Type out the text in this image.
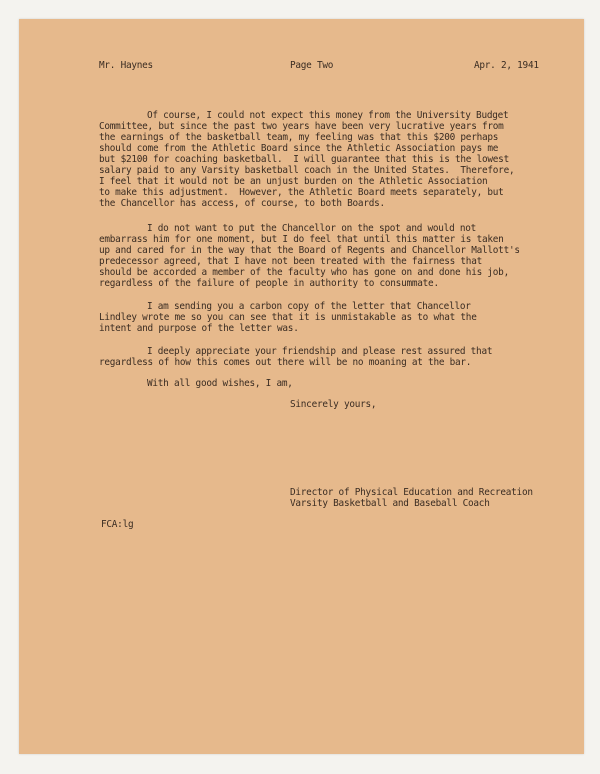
Mr. Haynes	Page Two	Apr. 2, 1941
Of course, I could not expect this money from the University Budget
Committee, but since the past two years have been very lucrative years from
the earnings of the basketball team, my feeling was that this $200 perhaps
should come from the Athletic Board since the Athletic Association pays me
but $2100 for coaching basketball.  I will guarantee that this is the lowest
salary paid to any Varsity basketball coach in the United States.  Therefore,
I feel that it would not be an unjust burden on the Athletic Association
to make this adjustment.  However, the Athletic Board meets separately, but
the Chancellor has access, of course, to both Boards.
I do not want to put the Chancellor on the spot and would not
embarrass him for one moment, but I do feel that until this matter is taken
up and cared for in the way that the Board of Regents and Chancellor Mallott's
predecessor agreed, that I have not been treated with the fairness that
should be accorded a member of the faculty who has gone on and done his job,
regardless of the failure of people in authority to consummate.
I am sending you a carbon copy of the letter that Chancellor
Lindley wrote me so you can see that it is unmistakable as to what the
intent and purpose of the letter was.
I deeply appreciate your friendship and please rest assured that
regardless of how this comes out there will be no moaning at the bar.
With all good wishes, I am,
Sincerely yours,
Director of Physical Education and Recreation
Varsity Basketball and Baseball Coach
FCA:lg
